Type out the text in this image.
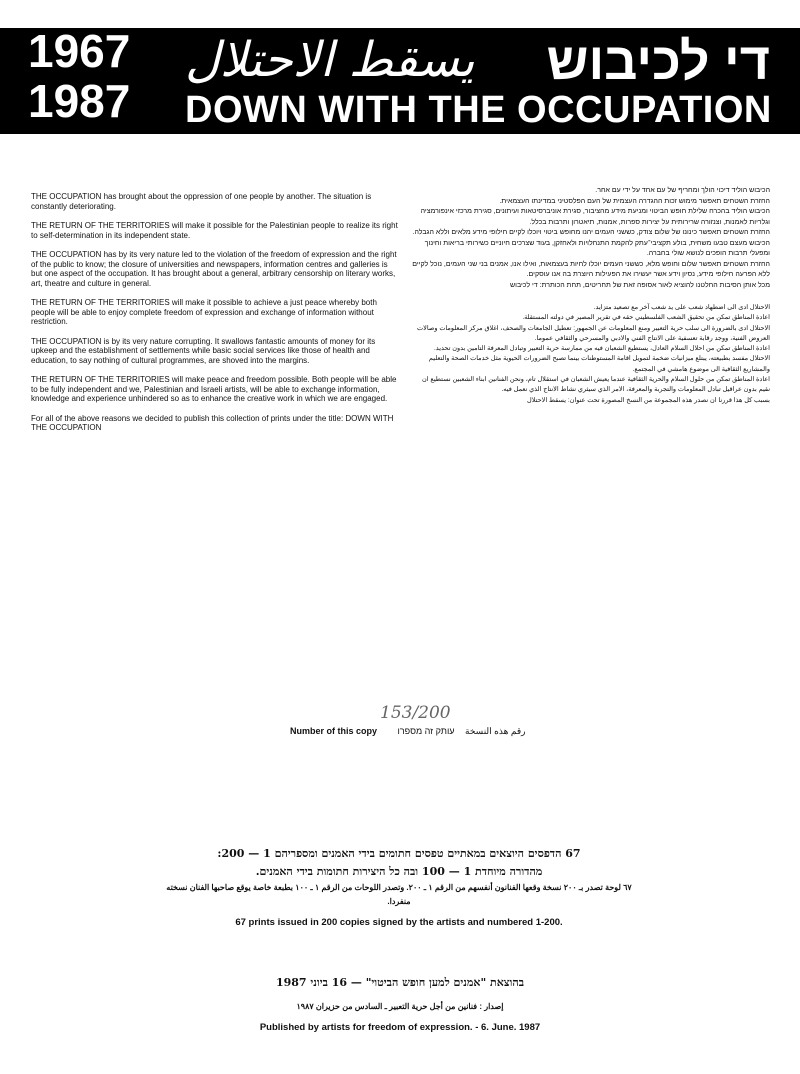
1967
1987
يسقط الاحتلال די לכיבוש
DOWN WITH THE OCCUPATION

THE OCCUPATION has brought about the oppression of one people by another. The situation is constantly deteriorating.

THE RETURN OF THE TERRITORIES will make it possible for the Palestinian people to realize its right to self-determination in its independent state.

THE OCCUPATION has by its very nature led to the violation of the freedom of expression and the right of the public to know; the closure of universities and newspapers, information centres and galleries is but one aspect of the occupation. It has brought about a general, arbitrary censorship on literary works, art, theatre and culture in general.

THE RETURN OF THE TERRITORIES will make it possible to achieve a just peace whereby both people will be able to enjoy complete freedom of expression and exchange of information without restriction.

THE OCCUPATION is by its very nature corrupting. It swallows fantastic amounts of money for its upkeep and the establishment of settlements while basic social services like those of health and education, to say nothing of cultural programmes, are shoved into the margins.

THE RETURN OF THE TERRITORIES will make peace and freedom possible. Both people will be able to be fully independent and we, Palestinian and Israeli artists, will be able to exchange information, knowledge and experience unhindered so as to enhance the creative work in which we are engaged.

For all of the above reasons we decided to publish this collection of prints under the title: DOWN WITH THE OCCUPATION

הכיבוש הוליד דיכוי הולך ומחריף של עם אחד על ידי עם אחר.

החזרת השטחים תאפשר מימוש זכות ההגדרה העצמית של העם הפלסטיני במדינתו העצמאית.

הכיבוש הוליד בהכרח שלילת חופש הביטוי ומניעת מידע מהציבור, סגירת אוניברסיטאות ועיתונים, סגירת מרכזי אינפורמציה וגלריות לאמנות, וצנזורה שרירותית על יצירות ספרות, אמנות, תיאטרון ותרבות בכלל.

החזרת השטחים תאפשר כינונו של שלום צודק, כששני העמים יהנו מחופש ביטוי ויוכלו לקיים חילופי מידע מלאים וללא הגבלה.

הכיבוש מעצם טבעו משחית, בולע תקציבי־עתק להקמת התנחלויות ולאחזקן, בעוד שצרכים חיוניים כשירותי בריאות וחינוך ומפעלי תרבות הופכים לנושא שולי בחברה.

החזרת השטחים תאפשר שלום וחופש מלא, כששני העמים יוכלו לחיות בעצמאות, ואילו אנו, אמנים בני שני העמים, נוכל לקיים ללא הפרעה חילופי מידע, נסיון וידע אשר יעשירו את הפעילות היוצרת בה אנו עוסקים.

מכל אותן הסיבות החלטנו להוציא לאור אסופה זאת של תחריטים, תחת הכותרת: די לכיבוש

الاحتلال ادى الى اضطهاد شعب على يد شعب آخر مع تصعيد متزايد.

اعادة المناطق تمكن من تحقيق الشعب الفلسطيني حقه في تقرير المصير في دولته المستقلة.

الاحتلال ادى بالضرورة الى سلب حرية التعبير ومنع المعلومات عن الجمهور: تعطيل الجامعات والصحف، اغلاق مركز المعلومات وصالات العروض الفنية، ووجد رقابة تعسفية على الانتاج الفني والادبي والمسرحي والثقافي عموما.

اعادة المناطق تمكن من احلال السلام العادل، يستطيع الشعبان فيه من ممارسة حرية التعبير وتبادل المعرفة التامين بدون تحديد.

الاحتلال مفسد بطبيعته، يبتلع ميزانيات ضخمة لتمويل اقامة المستوطنات بينما تصبح الضرورات الحيوية مثل خدمات الصحة والتعليم والمشاريع الثقافية الى موضوع هامشي في المجتمع.

اعادة المناطق تمكن من حلول السلام والحرية الثقافية عندما يعيش الشعبان في استقلال تام، ونحن الفنانين ابناء الشعبين نستطيع ان نقيم بدون عراقيل تبادل المعلومات والتجربة والمعرفة، الامر الذي سيثري نشاط الانتاج الذي نعمل فيه.

بسبب كل هذا قررنا ان نصدر هذه المجموعة من النسخ المصورة تحت عنوان: يسقط الاحتلال

153/200
Number of this copy	رقم هذه النسخة עותק זה מספרו
67 הדפסים היוצאים במאתיים טפסים חתומים בידי האמנים ומספריהם 1 — 200:
מהדורה מיוחדת 1 — 100 ובה כל היצירות חתומות בידי האמנים.
٦٧ لوحة تصدر بـ ٢٠٠ نسخة وقعها الفنانون أنفسهم من الرقم ١ ـ ٢٠٠. وتصدر اللوحات من الرقم ١ ـ ١٠٠ بطبعة خاصة يوقع صاحبها الفنان نسخته منفردا.
67 prints issued in 200 copies signed by the artists and numbered 1-200.
בהוצאת "אמנים למען חופש הביטוי" — 16 ביוני 1987
إصدار : فنانين من أجل حرية التعبير ـ السادس من حزيران ١٩٨٧
Published by artists for freedom of expression. - 6. June. 1987
